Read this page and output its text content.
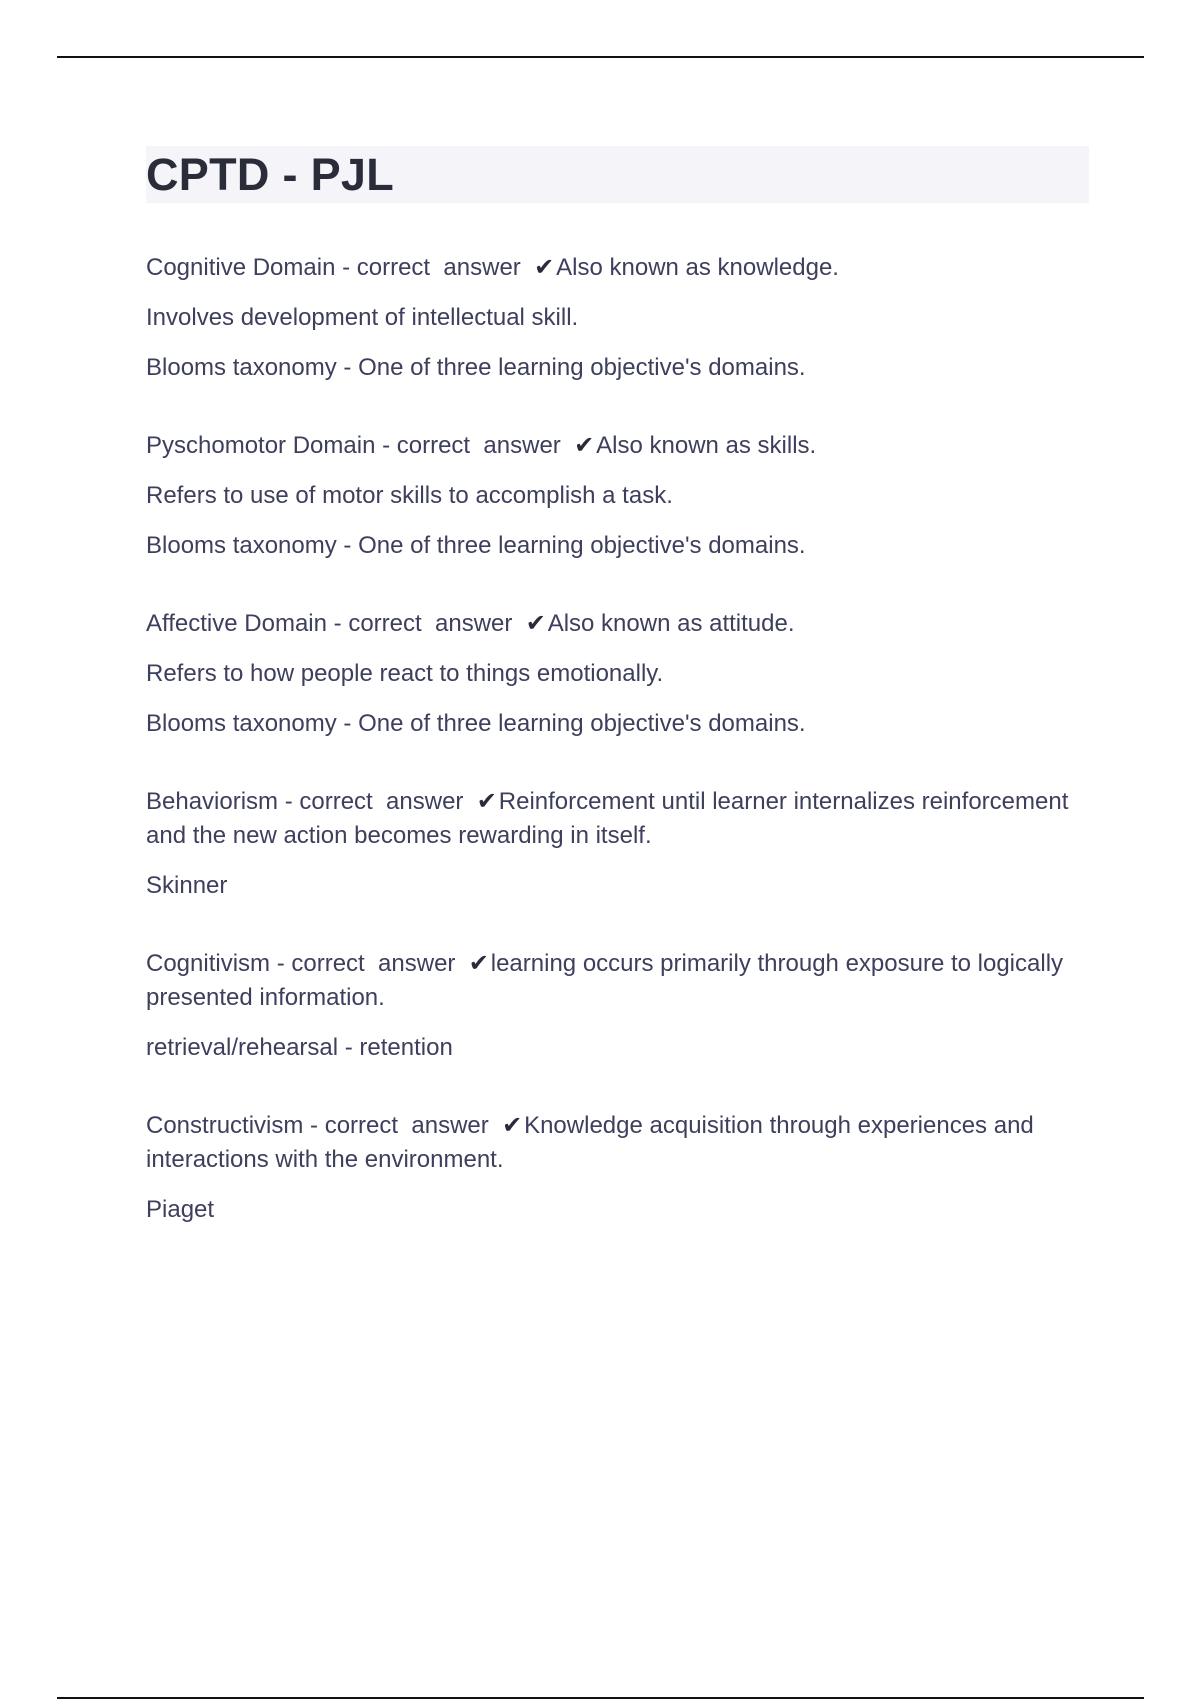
CPTD - PJL
Cognitive Domain - correct  answer  ✔Also known as knowledge.
Involves development of intellectual skill.
Blooms taxonomy - One of three learning objective's domains.
Pyschomotor Domain - correct  answer  ✔Also known as skills.
Refers to use of motor skills to accomplish a task.
Blooms taxonomy - One of three learning objective's domains.
Affective Domain - correct  answer  ✔Also known as attitude.
Refers to how people react to things emotionally.
Blooms taxonomy - One of three learning objective's domains.
Behaviorism - correct  answer  ✔Reinforcement until learner internalizes reinforcement and the new action becomes rewarding in itself.
Skinner
Cognitivism - correct  answer  ✔learning occurs primarily through exposure to logically presented information.
retrieval/rehearsal - retention
Constructivism - correct  answer  ✔Knowledge acquisition through experiences and interactions with the environment.
Piaget
